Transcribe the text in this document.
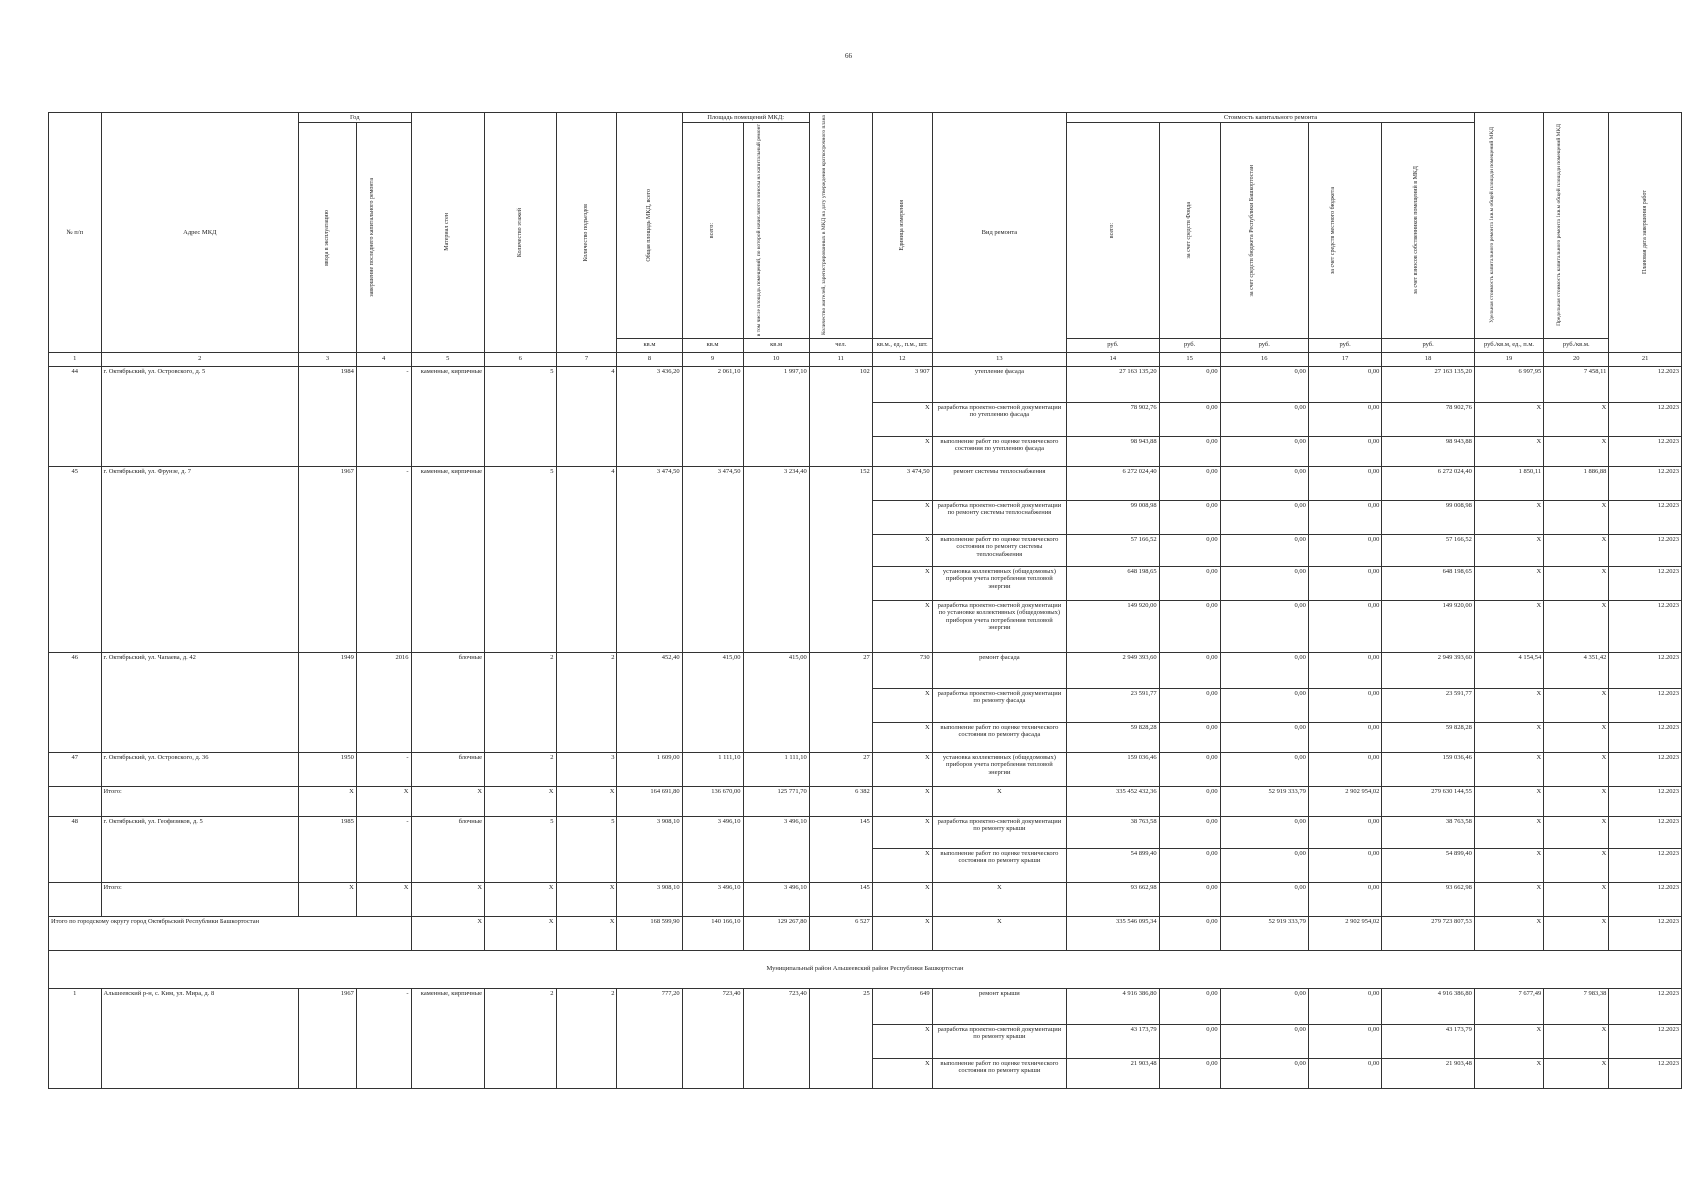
66
№ п/п	Адрес МКД	Год		Материал стен	Количество этажей	Количество подъездов	Общая площадь МКД, всего	Площадь помещений МКД:		Количество жителей, зарегистрированных в МКД на дату утверждения краткосрочного плана	Единица измерения	Вид ремонта	Стоимость капитального ремонта					Удельная стоимость капитального ремонта 1кв.м общей площади помещений МКД	Предельная стоимость капитального ремонта 1кв.м общей площади помещений МКД	Плановая дата завершения работ

		ввода в эксплуатацию	завершение последнего капитального ремонта					всего:	в том числе площадь помещений, по которой начисляются взносы на капитальный ремонт				всего:	за счет средств Фонда	за счет средств бюджета Республики Башкортостан	за счет средств местного бюджета	за счет взносов собственников помещений в МКД			

							кв.м	кв.м	кв.м	чел.	кв.м., ед., п.м., шт.		руб.	руб.	руб.	руб.	руб.	руб./кв.м, ед., п.м.	руб./кв.м.	
1	2	3	4	5	6	7	8	9	10	11	12	13	14	15	16	17	18	19	20	21
44	г. Октябрьский, ул. Островского, д. 5	1984	-	каменные, кирпичные	5	4	3 436,20	2 061,10	1 997,10	102	3 907	утепление фасада	27 163 135,20	0,00	0,00	0,00	27 163 135,20	6 997,95	7 458,11	12.2023
											X	разработка проектно-сметной документации по утеплению фасада	78 902,76	0,00	0,00	0,00	78 902,76	X	X	12.2023
											X	выполнение работ по оценке технического состояния по утеплению фасада	98 943,88	0,00	0,00	0,00	98 943,88	X	X	12.2023
45	г. Октябрьский, ул. Фрунзе, д. 7	1967	-	каменные, кирпичные	5	4	3 474,50	3 474,50	3 234,40	152	3 474,50	ремонт системы теплоснабжения	6 272 024,40	0,00	0,00	0,00	6 272 024,40	1 850,11	1 886,88	12.2023
											X	разработка проектно-сметной документации по ремонту системы теплоснабжения	99 008,98	0,00	0,00	0,00	99 008,98	X	X	12.2023
											X	выполнение работ по оценке технического состояния по ремонту системы теплоснабжения	57 166,52	0,00	0,00	0,00	57 166,52	X	X	12.2023
											X	установка коллективных (общедомовых) приборов учета потребления тепловой энергии	648 198,65	0,00	0,00	0,00	648 198,65	X	X	12.2023
											X	разработка проектно-сметной документации по установке коллективных (общедомовых) приборов учета потребления тепловой энергии	149 920,00	0,00	0,00	0,00	149 920,00	X	X	12.2023
46	г. Октябрьский, ул. Чапаева, д. 42	1949	2016	блочные	2	2	452,40	415,00	415,00	27	730	ремонт фасада	2 949 393,60	0,00	0,00	0,00	2 949 393,60	4 154,54	4 351,42	12.2023
											X	разработка проектно-сметной документации по ремонту фасада	23 591,77	0,00	0,00	0,00	23 591,77	X	X	12.2023
											X	выполнение работ по оценке технического состояния по ремонту фасада	59 828,28	0,00	0,00	0,00	59 828,28	X	X	12.2023
47	г. Октябрьский, ул. Островского, д. 36	1950	-	блочные	2	3	1 609,00	1 111,10	1 111,10	27	X	установка коллективных (общедомовых) приборов учета потребления тепловой энергии	159 036,46	0,00	0,00	0,00	159 036,46	X	X	12.2023
	Итого:	X	X	X	X	X	164 691,80	136 670,00	125 771,70	6 382	X	X	335 452 432,36	0,00	52 919 333,79	2 902 954,02	279 630 144,55	X	X	12.2023
48	г. Октябрьский, ул. Геофизиков, д. 5	1985	-	блочные	5	5	3 908,10	3 496,10	3 496,10	145	X	разработка проектно-сметной документации по ремонту крыши	38 763,58	0,00	0,00	0,00	38 763,58	X	X	12.2023
											X	выполнение работ по оценке технического состояния по ремонту крыши	54 899,40	0,00	0,00	0,00	54 899,40	X	X	12.2023
	Итого:	X	X	X	X	X	3 908,10	3 496,10	3 496,10	145	X	X	93 662,98	0,00	0,00	0,00	93 662,98	X	X	12.2023
Итого по городскому округу город Октябрьский Республики Башкортостан				X	X	X	168 599,90	140 166,10	129 267,80	6 527	X	X	335 546 095,34	0,00	52 919 333,79	2 902 954,02	279 723 807,53	X	X	12.2023
Муниципальный район Альшеевский район Республики Башкортостан																				
1	Альшеевский р-н, с. Ким, ул. Мира, д. 8	1967	-	каменные, кирпичные	2	2	777,20	723,40	723,40	25	649	ремонт крыши	4 916 386,80	0,00	0,00	0,00	4 916 386,80	7 677,49	7 983,38	12.2023
											X	разработка проектно-сметной документации по ремонту крыши	43 173,79	0,00	0,00	0,00	43 173,79	X	X	12.2023
											X	выполнение работ по оценке технического состояния по ремонту крыши	21 903,48	0,00	0,00	0,00	21 903,48	X	X	12.2023
